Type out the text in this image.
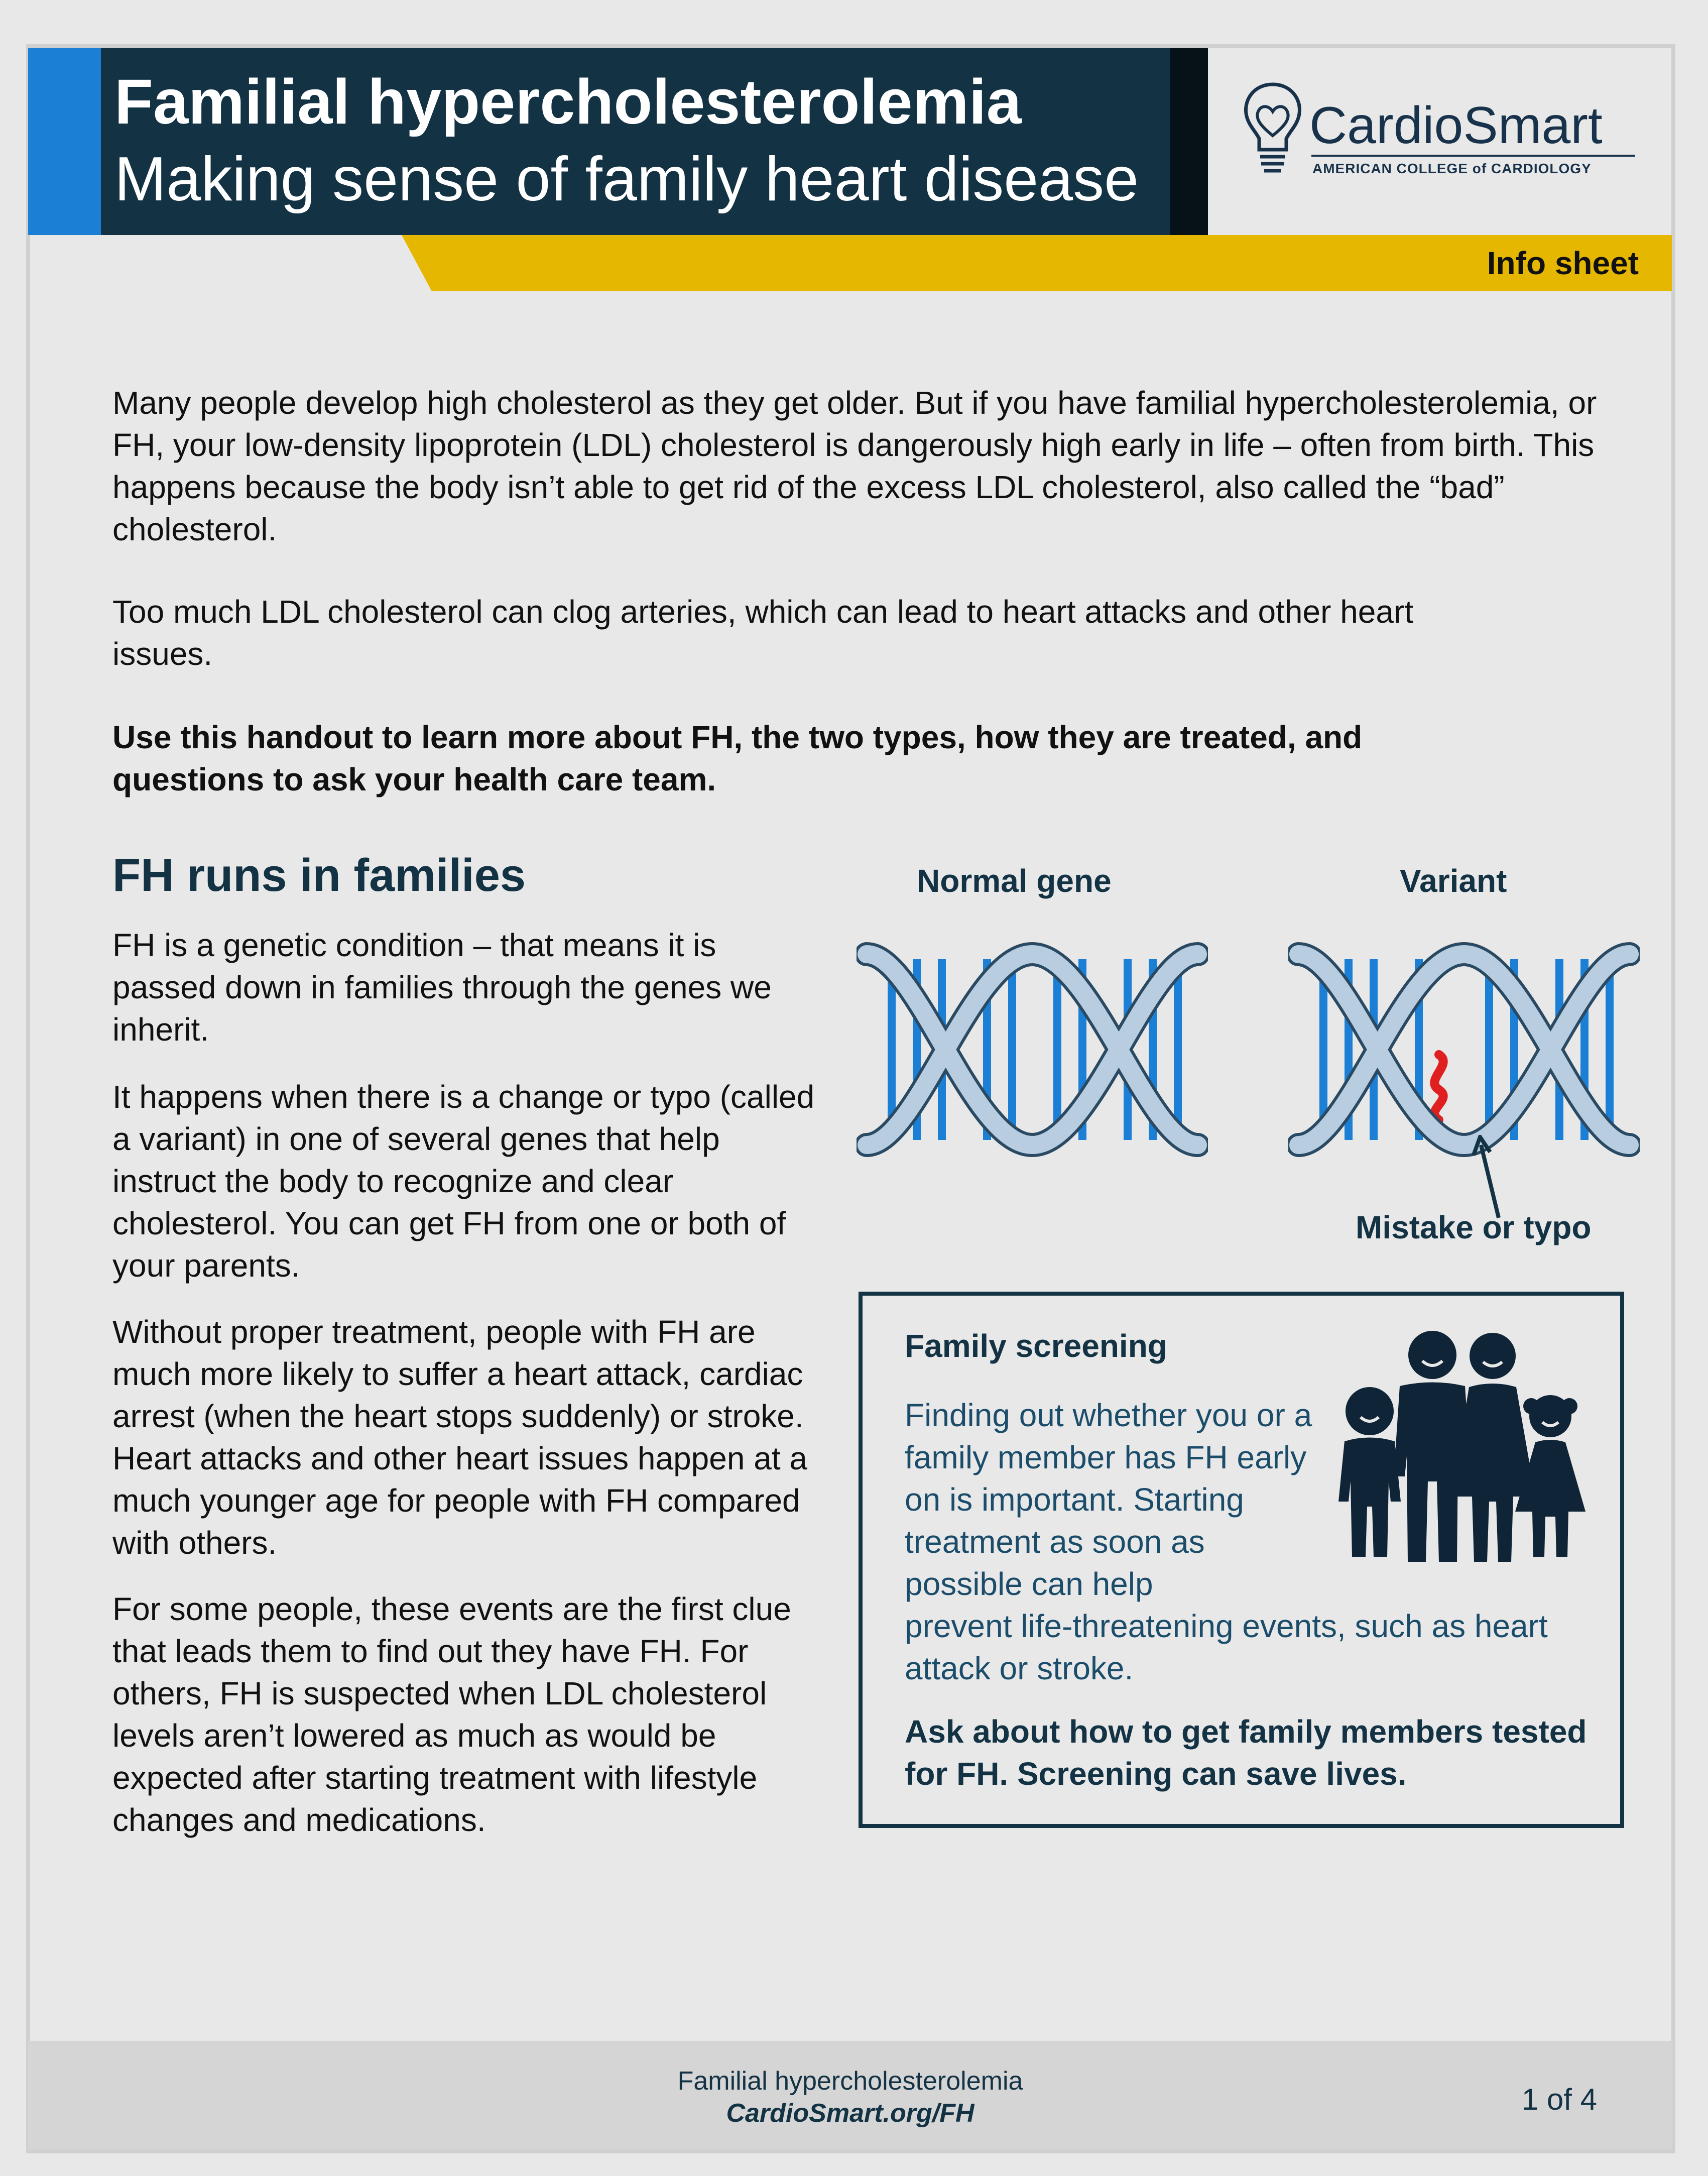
Familial hypercholesterolemia
Making sense of family heart disease
CardioSmart
AMERICAN COLLEGE of CARDIOLOGY
Info sheet
Many people develop high cholesterol as they get older. But if you have familial hypercholesterolemia, or FH, your low-density lipoprotein (LDL) cholesterol is dangerously high early in life – often from birth. This happens because the body isn’t able to get rid of the excess LDL cholesterol, also called the “bad” cholesterol.
Too much LDL cholesterol can clog arteries, which can lead to heart attacks and other heart issues.
Use this handout to learn more about FH, the two types, how they are treated, and questions to ask your health care team.
FH runs in families
FH is a genetic condition – that means it is passed down in families through the genes we inherit.
It happens when there is a change or typo (called a variant) in one of several genes that help instruct the body to recognize and clear cholesterol. You can get FH from one or both of your parents.
Without proper treatment, people with FH are much more likely to suffer a heart attack, cardiac arrest (when the heart stops suddenly) or stroke. Heart attacks and other heart issues happen at a much younger age for people with FH compared with others.
For some people, these events are the first clue that leads them to find out they have FH. For others, FH is suspected when LDL cholesterol levels aren’t lowered as much as would be expected after starting treatment with lifestyle changes and medications.
Normal gene	Variant
Mistake or typo
Family screening
Finding out whether you or a family member has FH early on is important. Starting treatment as soon as possible can help
prevent life-threatening events, such as heart attack or stroke.
Ask about how to get family members tested for FH. Screening can save lives.
Familial hypercholesterolemia
CardioSmart.org/FH	1 of 4
